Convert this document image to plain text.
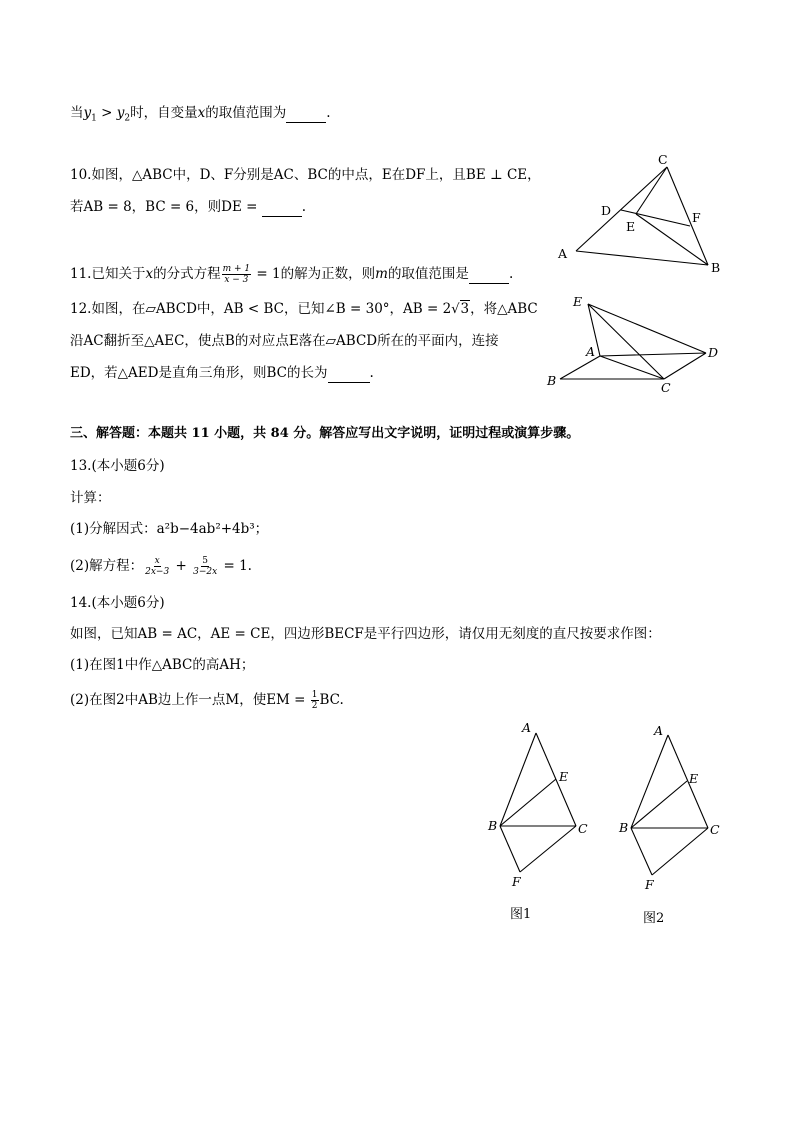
当$y_1 > y_2$时，自变量x的取值范围为	.
10.如图，△ABC中，D、F分别是AC、BC的中点，E在DF上，且BE ⊥ CE，
若AB = 8，BC = 6，则DE =	.
C
D
E
F
A
B
11.已知关于x的分式方程 $\frac{m + 1}{x - 3} = 1$的解为正数，则m的取值范围是	.
12.如图，在▱ABCD中，AB < BC，已知∠B = 30°，AB = 2√3，将△ABC
沿AC翻折至△AEC，使点B的对应点E落在▱ABCD所在的平面内，连接
ED，若△AED是直角三角形，则BC的长为	.
E
A	D
B	C
三、解答题：本题共 11 小题，共 84 分。解答应写出文字说明，证明过程或演算步骤。
13.(本小题6分)
计算：
(1)分解因式：a²b−4ab²+4b³；
(2)解方程： $\frac{x}{2x-3} + \frac{5}{3-2x} = 1$.
14.(本小题6分)
如图，已知AB = AC，AE = CE，四边形BECF是平行四边形，请仅用无刻度的直尺按要求作图：
(1)在图1中作△ABC的高AH；
(2)在图2中AB边上作一点M，使EM = $\frac{1}{2}$ BC.
A
E
B	C
F
图1
A
E
B	C
F
图2
